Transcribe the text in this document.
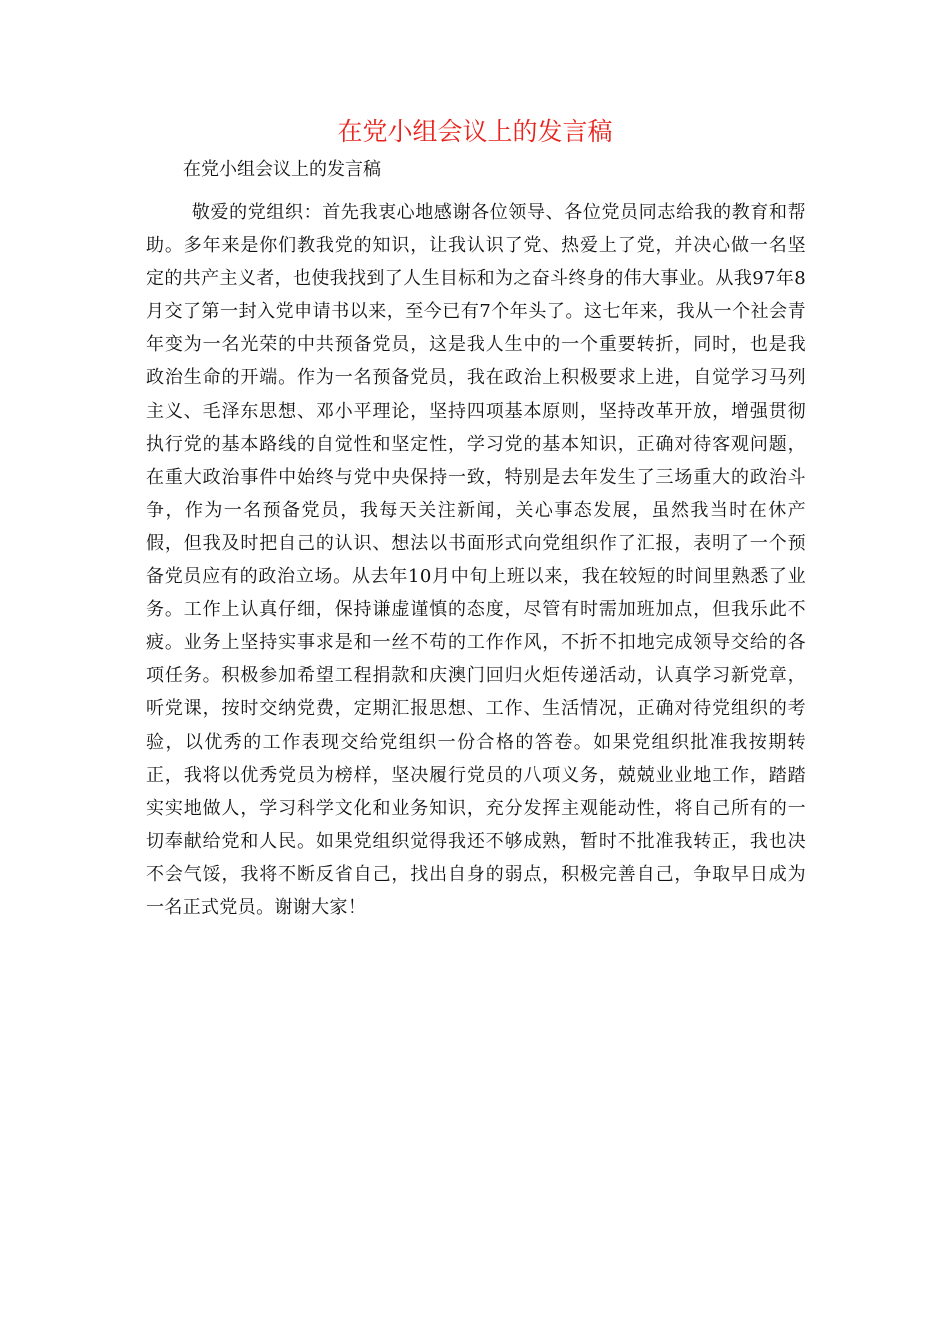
在党小组会议上的发言稿

在党小组会议上的发言稿

敬爱的党组织：首先我衷心地感谢各位领导、各位党员同志给我的教育和帮助。多年来是你们教我党的知识，让我认识了党、热爱上了党，并决心做一名坚定的共产主义者，也使我找到了人生目标和为之奋斗终身的伟大事业。从我97年8月交了第一封入党申请书以来，至今已有7个年头了。这七年来，我从一个社会青年变为一名光荣的中共预备党员，这是我人生中的一个重要转折，同时，也是我政治生命的开端。作为一名预备党员，我在政治上积极要求上进，自觉学习马列主义、毛泽东思想、邓小平理论，坚持四项基本原则，坚持改革开放，增强贯彻执行党的基本路线的自觉性和坚定性，学习党的基本知识，正确对待客观问题，在重大政治事件中始终与党中央保持一致，特别是去年发生了三场重大的政治斗争，作为一名预备党员，我每天关注新闻，关心事态发展，虽然我当时在休产假，但我及时把自己的认识、想法以书面形式向党组织作了汇报，表明了一个预备党员应有的政治立场。从去年10月中旬上班以来，我在较短的时间里熟悉了业务。工作上认真仔细，保持谦虚谨慎的态度，尽管有时需加班加点，但我乐此不疲。业务上坚持实事求是和一丝不苟的工作作风，不折不扣地完成领导交给的各项任务。积极参加希望工程捐款和庆澳门回归火炬传递活动，认真学习新党章，听党课，按时交纳党费，定期汇报思想、工作、生活情况，正确对待党组织的考验，以优秀的工作表现交给党组织一份合格的答卷。如果党组织批准我按期转正，我将以优秀党员为榜样，坚决履行党员的八项义务，兢兢业业地工作，踏踏实实地做人，学习科学文化和业务知识，充分发挥主观能动性，将自己所有的一切奉献给党和人民。如果党组织觉得我还不够成熟，暂时不批准我转正，我也决不会气馁，我将不断反省自己，找出自身的弱点，积极完善自己，争取早日成为一名正式党员。谢谢大家！
